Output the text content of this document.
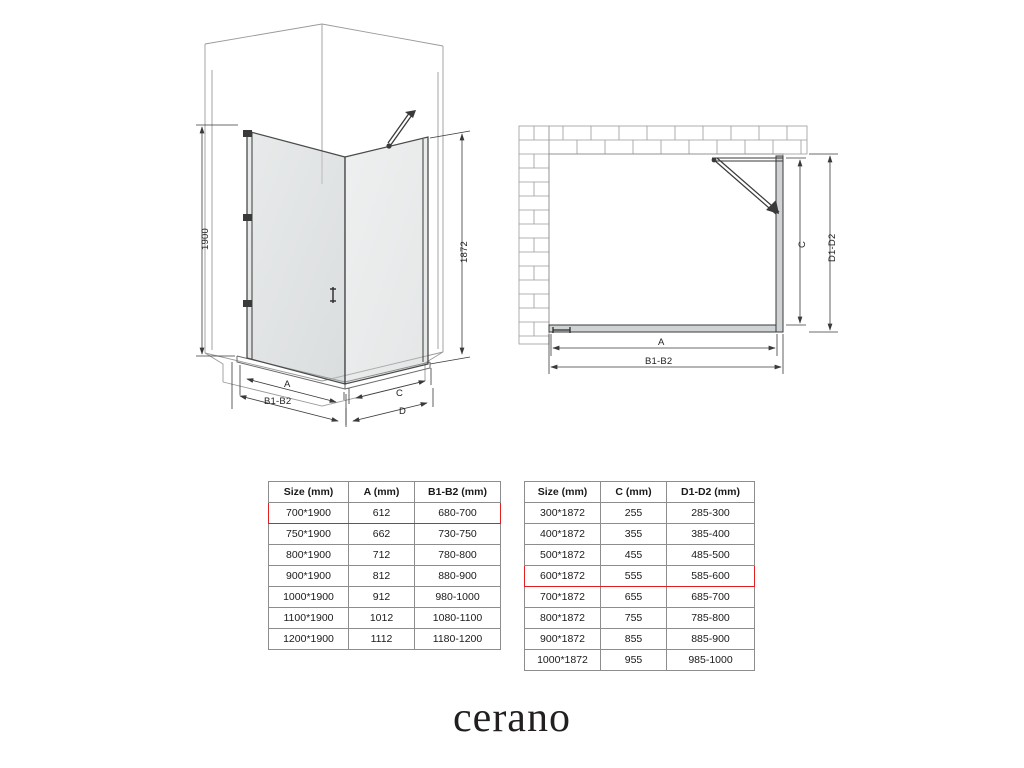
1900
1872
A
B1-B2
C
D
A
B1-B2
C D1-D2
Size (mm)	A (mm)	B1-B2 (mm)
700*1900	612	680-700
750*1900	662	730-750
800*1900	712	780-800
900*1900	812	880-900
1000*1900	912	980-1000
1100*1900	1012	1080-1100
1200*1900	1112	1180-1200
Size (mm)	C (mm)	D1-D2 (mm)
300*1872	255	285-300
400*1872	355	385-400
500*1872	455	485-500
600*1872	555	585-600
700*1872	655	685-700
800*1872	755	785-800
900*1872	855	885-900
1000*1872	955	985-1000
cerano
